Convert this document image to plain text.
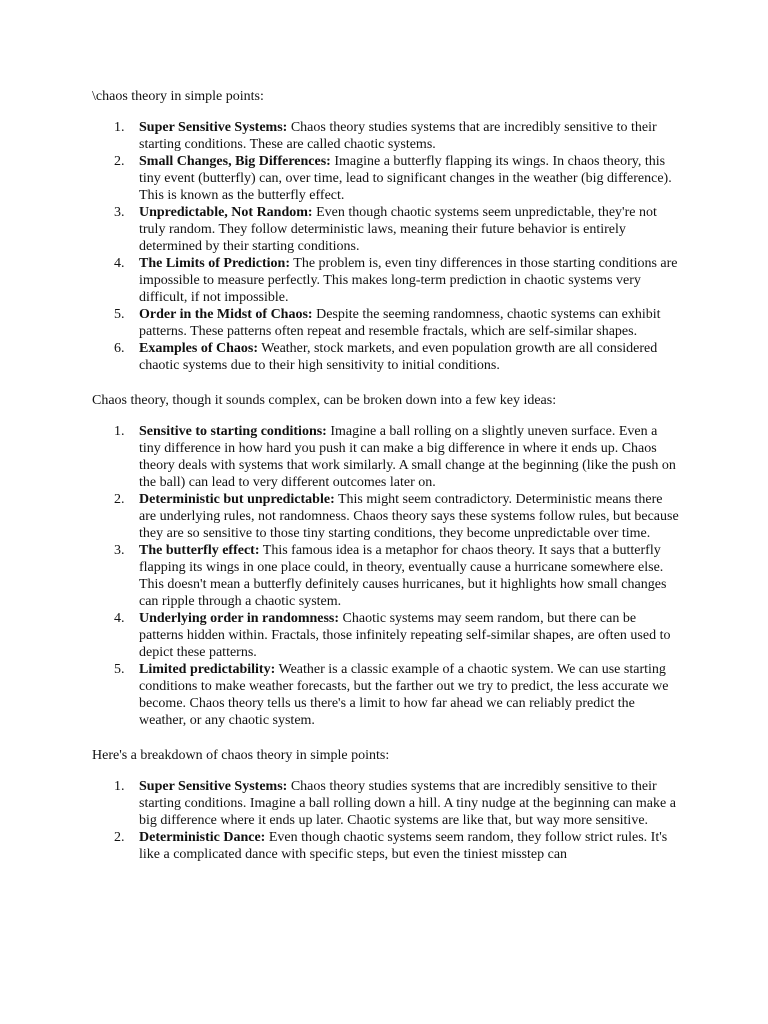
\chaos theory in simple points:

1. Super Sensitive Systems: Chaos theory studies systems that are incredibly sensitive to their starting conditions. These are called chaotic systems.
2. Small Changes, Big Differences: Imagine a butterfly flapping its wings. In chaos theory, this tiny event (butterfly) can, over time, lead to significant changes in the weather (big difference). This is known as the butterfly effect.
3. Unpredictable, Not Random: Even though chaotic systems seem unpredictable, they're not truly random. They follow deterministic laws, meaning their future behavior is entirely determined by their starting conditions.
4. The Limits of Prediction: The problem is, even tiny differences in those starting conditions are impossible to measure perfectly. This makes long-term prediction in chaotic systems very difficult, if not impossible.
5. Order in the Midst of Chaos: Despite the seeming randomness, chaotic systems can exhibit patterns. These patterns often repeat and resemble fractals, which are self-similar shapes.
6. Examples of Chaos: Weather, stock markets, and even population growth are all considered chaotic systems due to their high sensitivity to initial conditions.

Chaos theory, though it sounds complex, can be broken down into a few key ideas:

1. Sensitive to starting conditions: Imagine a ball rolling on a slightly uneven surface. Even a tiny difference in how hard you push it can make a big difference in where it ends up. Chaos theory deals with systems that work similarly. A small change at the beginning (like the push on the ball) can lead to very different outcomes later on.
2. Deterministic but unpredictable: This might seem contradictory. Deterministic means there are underlying rules, not randomness. Chaos theory says these systems follow rules, but because they are so sensitive to those tiny starting conditions, they become unpredictable over time.
3. The butterfly effect: This famous idea is a metaphor for chaos theory. It says that a butterfly flapping its wings in one place could, in theory, eventually cause a hurricane somewhere else. This doesn't mean a butterfly definitely causes hurricanes, but it highlights how small changes can ripple through a chaotic system.
4. Underlying order in randomness: Chaotic systems may seem random, but there can be patterns hidden within. Fractals, those infinitely repeating self-similar shapes, are often used to depict these patterns.
5. Limited predictability: Weather is a classic example of a chaotic system. We can use starting conditions to make weather forecasts, but the farther out we try to predict, the less accurate we become. Chaos theory tells us there's a limit to how far ahead we can reliably predict the weather, or any chaotic system.

Here's a breakdown of chaos theory in simple points:

1. Super Sensitive Systems: Chaos theory studies systems that are incredibly sensitive to their starting conditions. Imagine a ball rolling down a hill. A tiny nudge at the beginning can make a big difference where it ends up later. Chaotic systems are like that, but way more sensitive.
2. Deterministic Dance: Even though chaotic systems seem random, they follow strict rules. It's like a complicated dance with specific steps, but even the tiniest misstep can
